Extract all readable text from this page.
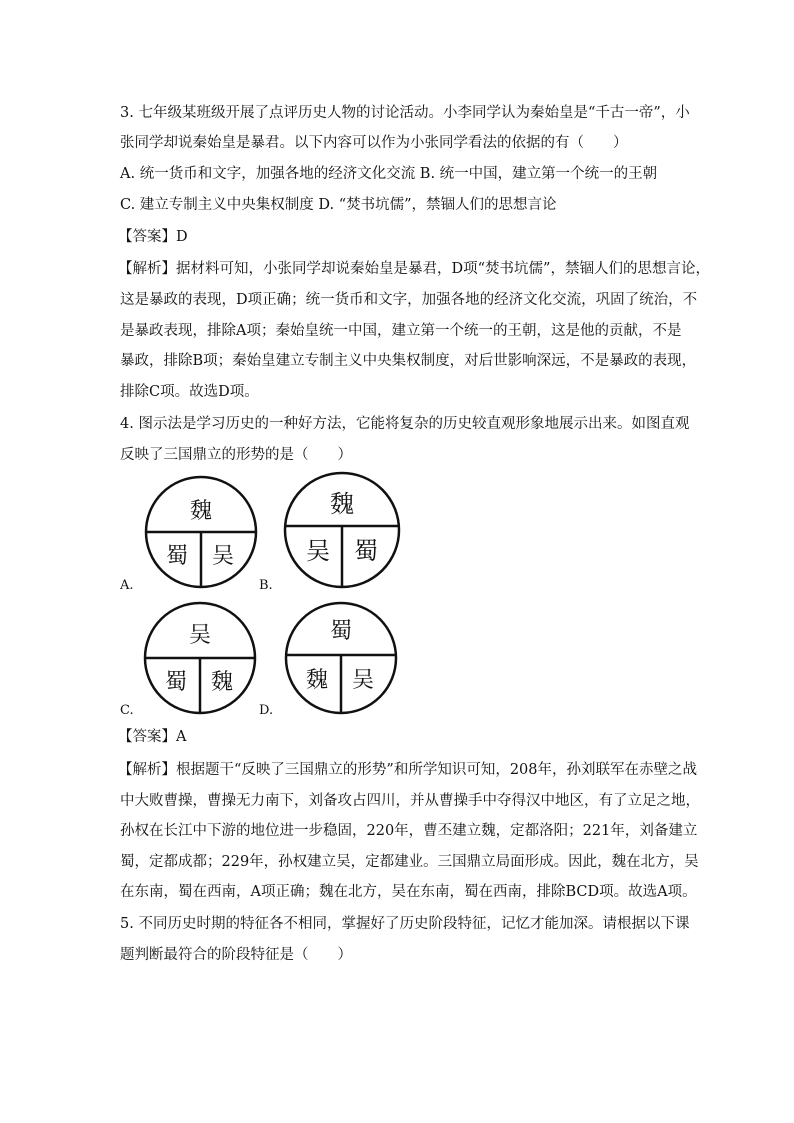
3. 七年级某班级开展了点评历史人物的讨论活动。小李同学认为秦始皇是“千古一帝”，小
张同学却说秦始皇是暴君。以下内容可以作为小张同学看法的依据的有（　　）
A. 统一货币和文字，加强各地的经济文化交流 B. 统一中国，建立第一个统一的王朝
C. 建立专制主义中央集权制度 D. “焚书坑儒”，禁锢人们的思想言论
【答案】D
【解析】据材料可知，小张同学却说秦始皇是暴君，D项“焚书坑儒”，禁锢人们的思想言论，
这是暴政的表现，D项正确；统一货币和文字，加强各地的经济文化交流，巩固了统治，不
是暴政表现，排除A项；秦始皇统一中国，建立第一个统一的王朝，这是他的贡献，不是
暴政，排除B项；秦始皇建立专制主义中央集权制度，对后世影响深远，不是暴政的表现，
排除C项。故选D项。
4. 图示法是学习历史的一种好方法，它能将复杂的历史较直观形象地展示出来。如图直观
反映了三国鼎立的形势的是（　　）
魏
蜀 吴
A.
魏
吴 蜀
B.
吴
蜀 魏
C.
蜀
魏 吴
D.
【答案】A
【解析】根据题干“反映了三国鼎立的形势”和所学知识可知，208年，孙刘联军在赤壁之战
中大败曹操，曹操无力南下，刘备攻占四川，并从曹操手中夺得汉中地区，有了立足之地，
孙权在长江中下游的地位进一步稳固，220年，曹丕建立魏，定都洛阳；221年，刘备建立
蜀，定都成都；229年，孙权建立吴，定都建业。三国鼎立局面形成。因此，魏在北方，吴
在东南，蜀在西南，A项正确；魏在北方，吴在东南，蜀在西南，排除BCD项。故选A项。
5. 不同历史时期的特征各不相同，掌握好了历史阶段特征，记忆才能加深。请根据以下课
题判断最符合的阶段特征是（　　）
